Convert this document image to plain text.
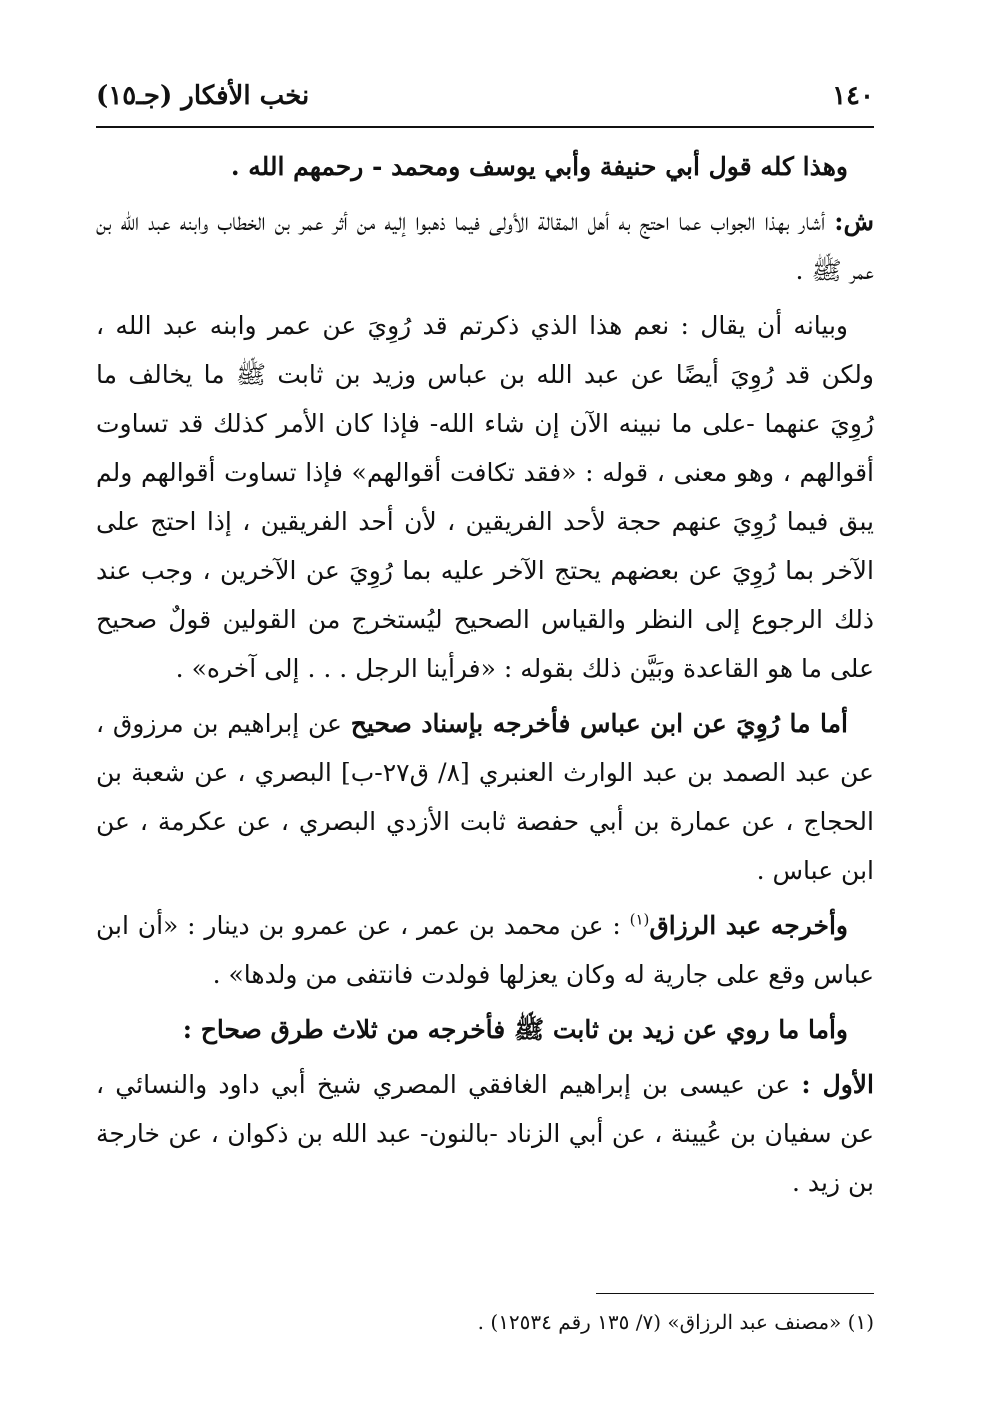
١٤٠
نخب الأفكار (جـ١٥)

وهذا كله قول أبي حنيفة وأبي يوسف ومحمد - رحمهم الله .

ش: أشار بهذا الجواب عما احتج به أهل المقالة الأولى فيما ذهبوا إليه من أثر عمر بن الخطاب وابنه عبد الله بن عمر ﷺ .

وبيانه أن يقال : نعم هذا الذي ذكرتم قد رُوِيَ عن عمر وابنه عبد الله ، ولكن قد رُوِيَ أيضًا عن عبد الله بن عباس وزيد بن ثابت ﷺ ما يخالف ما رُوِيَ عنهما -على ما نبينه الآن إن شاء الله- فإذا كان الأمر كذلك قد تساوت أقوالهم ، وهو معنى ، قوله : «فقد تكافت أقوالهم» فإذا تساوت أقوالهم ولم يبق فيما رُوِيَ عنهم حجة لأحد الفريقين ، لأن أحد الفريقين ، إذا احتج على الآخر بما رُوِيَ عن بعضهم يحتج الآخر عليه بما رُوِيَ عن الآخرين ، وجب عند ذلك الرجوع إلى النظر والقياس الصحيح ليُستخرج من القولين قولٌ صحيح على ما هو القاعدة وبَيَّن ذلك بقوله : «فرأينا الرجل . . . إلى آخره» .

أما ما رُوِيَ عن ابن عباس فأخرجه بإسناد صحيح عن إبراهيم بن مرزوق ، عن عبد الصمد بن عبد الوارث العنبري [٨/ ق٢٧-ب] البصري ، عن شعبة بن الحجاج ، عن عمارة بن أبي حفصة ثابت الأزدي البصري ، عن عكرمة ، عن ابن عباس .

وأخرجه عبد الرزاق$^{(١)}$ : عن محمد بن عمر ، عن عمرو بن دينار : «أن ابن عباس وقع على جارية له وكان يعزلها فولدت فانتفى من ولدها» .

وأما ما روي عن زيد بن ثابت ﷺ فأخرجه من ثلاث طرق صحاح :

الأول : عن عيسى بن إبراهيم الغافقي المصري شيخ أبي داود والنسائي ، عن سفيان بن عُيينة ، عن أبي الزناد -بالنون- عبد الله بن ذكوان ، عن خارجة بن زيد .

(١) «مصنف عبد الرزاق» (٧/ ١٣٥ رقم ١٢٥٣٤) .
